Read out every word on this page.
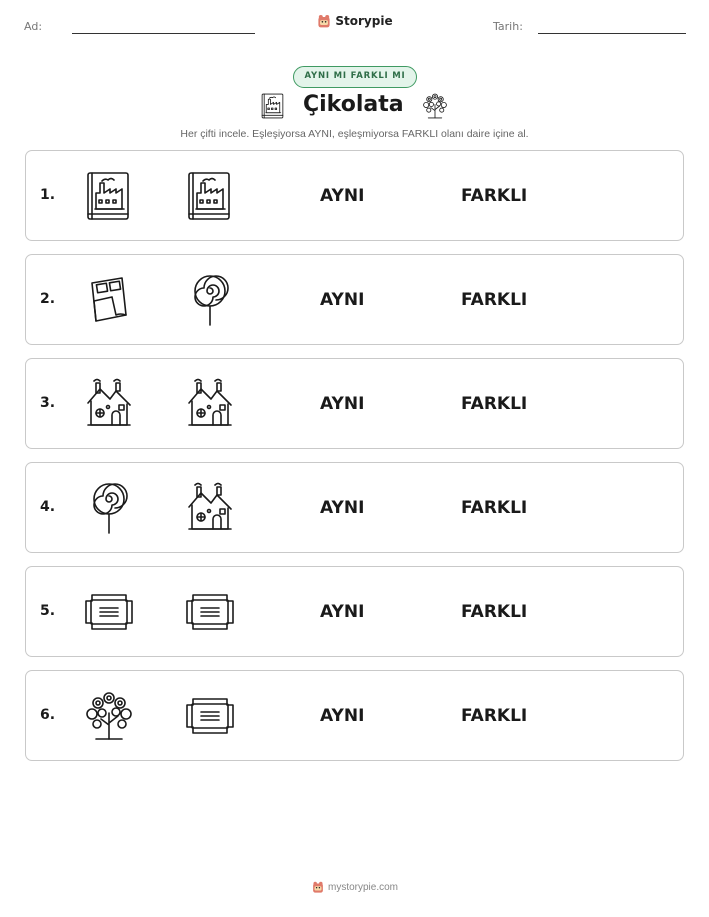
Ad:	Storypie	Tarih:
AYNI MI FARKLI MI
Çikolata
Her çifti incele. Eşleşiyorsa AYNI, eşleşmiyorsa FARKLI olanı daire içine al.
1.	AYNI	FARKLI
2.	AYNI	FARKLI
3.	AYNI	FARKLI
4.	AYNI	FARKLI
5.	AYNI	FARKLI
6.	AYNI	FARKLI
mystorypie.com
